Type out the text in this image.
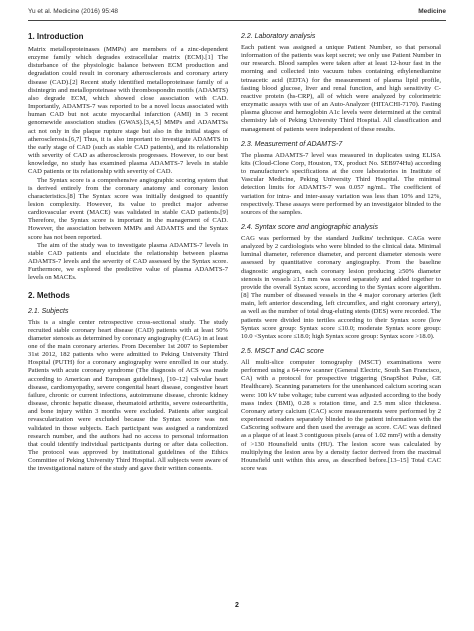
Yu et al. Medicine (2016) 95:48	Medicine
1. Introduction

Matrix metalloproteinases (MMPs) are members of a zinc-dependent enzyme family which degrades extracellular matrix (ECM).[1] The disturbance of the physiologic balance between ECM production and degradation could result in coronary atherosclerosis and coronary artery disease (CAD).[2] Recent study identified metalloproteinase family of a disintegrin and metalloproteinase with thrombospondin motifs (ADAMTS) also degrade ECM, which showed close association with CAD. Importantly, ADAMTS-7 was reported to be a novel locus associated with human CAD but not acute myocardial infarction (AMI) in 3 recent genomewide association studies (GWAS).[3,4,5] MMPs and ADAMTSs act not only in the plaque rupture stage but also in the initial stages of atherosclerosis.[6,7] Thus, it is also important to investigate ADAMTS in the early stage of CAD (such as stable CAD patients), and its relationship with severity of CAD as atherosclerosis progresses. However, to our best knowledge, no study has examined plasma ADAMTS-7 levels in stable CAD patients or its relationship with severity of CAD.

The Syntax score is a comprehensive angiographic scoring system that is derived entirely from the coronary anatomy and coronary lesion characteristics.[8] The Syntax score was initially designed to quantify lesion complexity. However, its value to predict major adverse cardiovascular event (MACE) was validated in stable CAD patients.[9] Therefore, the Syntax score is important in the management of CAD. However, the association between MMPs and ADAMTS and the Syntax score has not been reported.

The aim of the study was to investigate plasma ADAMTS-7 levels in stable CAD patients and elucidate the relationship between plasma ADAMTS-7 levels and the severity of CAD assessed by the Syntax score. Furthermore, we explored the predictive value of plasma ADAMTS-7 levels on MACEs.

2. Methods
2.1. Subjects

This is a single center retrospective cross-sectional study. The study recruited stable coronary heart disease (CAD) patients with at least 50% diameter stenosis as determined by coronary angiography (CAG) in at least one of the main coronary arteries. From December 1st 2007 to September 31st 2012, 182 patients who were admitted to Peking University Third Hospital (PUTH) for a coronary angiography were enrolled in our study. Patients with acute coronary syndrome (The diagnosis of ACS was made according to American and European guidelines), [10–12] valvular heart disease, cardiomyopathy, severe congenital heart disease, congestive heart failure, chronic or current infections, autoimmune disease, chronic kidney disease, chronic hepatic disease, rheumatoid arthritis, severe osteoarthritis, and bone injury within 3 months were excluded. Patients after surgical revascularization were excluded because the Syntax score was not validated in those subjects. Each participant was assigned a randomized research number, and the authors had no access to personal information that could identify individual participants during or after data collection. The protocol was approved by institutional guidelines of the Ethics Committee of Peking University Third Hospital. All subjects were aware of the investigational nature of the study and gave their written consents.

2.2. Laboratory analysis

Each patient was assigned a unique Patient Number, so that personal information of the patients was kept secret; we only use Patient Number in our research. Blood samples were taken after at least 12-hour fast in the morning and collected into vacuum tubes containing ethylenediamine tetraacetic acid (EDTA) for the measurement of plasma lipid profile, fasting blood glucose, liver and renal function, and high sensitivity C-reactive protein (hs-CRP), all of which were analyzed by colorimetric enzymatic assays with use of an Auto-Analyzer (HITACHI-7170). Fasting plasma glucose and hemoglobin A1c levels were determined at the central chemistry lab of Peking University Third Hospital. All classification and management of patients were independent of these results.

2.3. Measurement of ADAMTS-7

The plasma ADAMTS-7 level was measured in duplicates using ELISA kits (Cloud-Clone Corp, Houston, TX, product No. SEB974Hu) according to manufacturer's specifications at the core laboratories in Institute of Vascular Medicine, Peking University Third Hospital. The minimal detection limits for ADAMTS-7 was 0.057 ng/mL. The coefficient of variation for intra- and inter-assay variation was less than 10% and 12%, respectively. These assays were performed by an investigator blinded to the sources of the samples.

2.4. Syntax score and angiographic analysis

CAG was performed by the standard Judkins' technique. CAGs were analyzed by 2 cardiologists who were blinded to the clinical data. Minimal luminal diameter, reference diameter, and percent diameter stenosis were assessed by quantitative coronary angiography. From the baseline diagnostic angiogram, each coronary lesion producing ≥50% diameter stenosis in vessels ≥1.5 mm was scored separately and added together to provide the overall Syntax score, according to the Syntax score algorithm.[8] The number of diseased vessels in the 4 major coronary arteries (left main, left anterior descending, left circumflex, and right coronary artery), as well as the number of total drug-eluting stents (DES) were recorded. The patients were divided into tertiles according to their Syntax score (low Syntax score group: Syntax score ≤10.0; moderate Syntax score group: 10.0 <Syntax score ≤18.0; high Syntax score group: Syntax score >18.0).

2.5. MSCT and CAC score

All multi-slice computer tomography (MSCT) examinations were performed using a 64-row scanner (General Electric, South San Francisco, CA) with a protocol for prospective triggering (SnapShot Pulse, GE Healthcare). Scanning parameters for the unenhanced calcium scoring scan were: 100 kV tube voltage; tube current was adjusted according to the body mass index (BMI), 0.28 s rotation time, and 2.5 mm slice thickness. Coronary artery calcium (CAC) score measurements were performed by 2 experienced readers separately blinded to the patient information with the CaScoring software and then used the average as score. CAC was defined as a plaque of at least 3 contiguous pixels (area of 1.02 mm²) with a density of >130 Hounsfield units (HU). The lesion score was calculated by multiplying the lesion area by a density factor derived from the maximal Hounsfield unit within this area, as described before.[13–15] Total CAC score was

2
